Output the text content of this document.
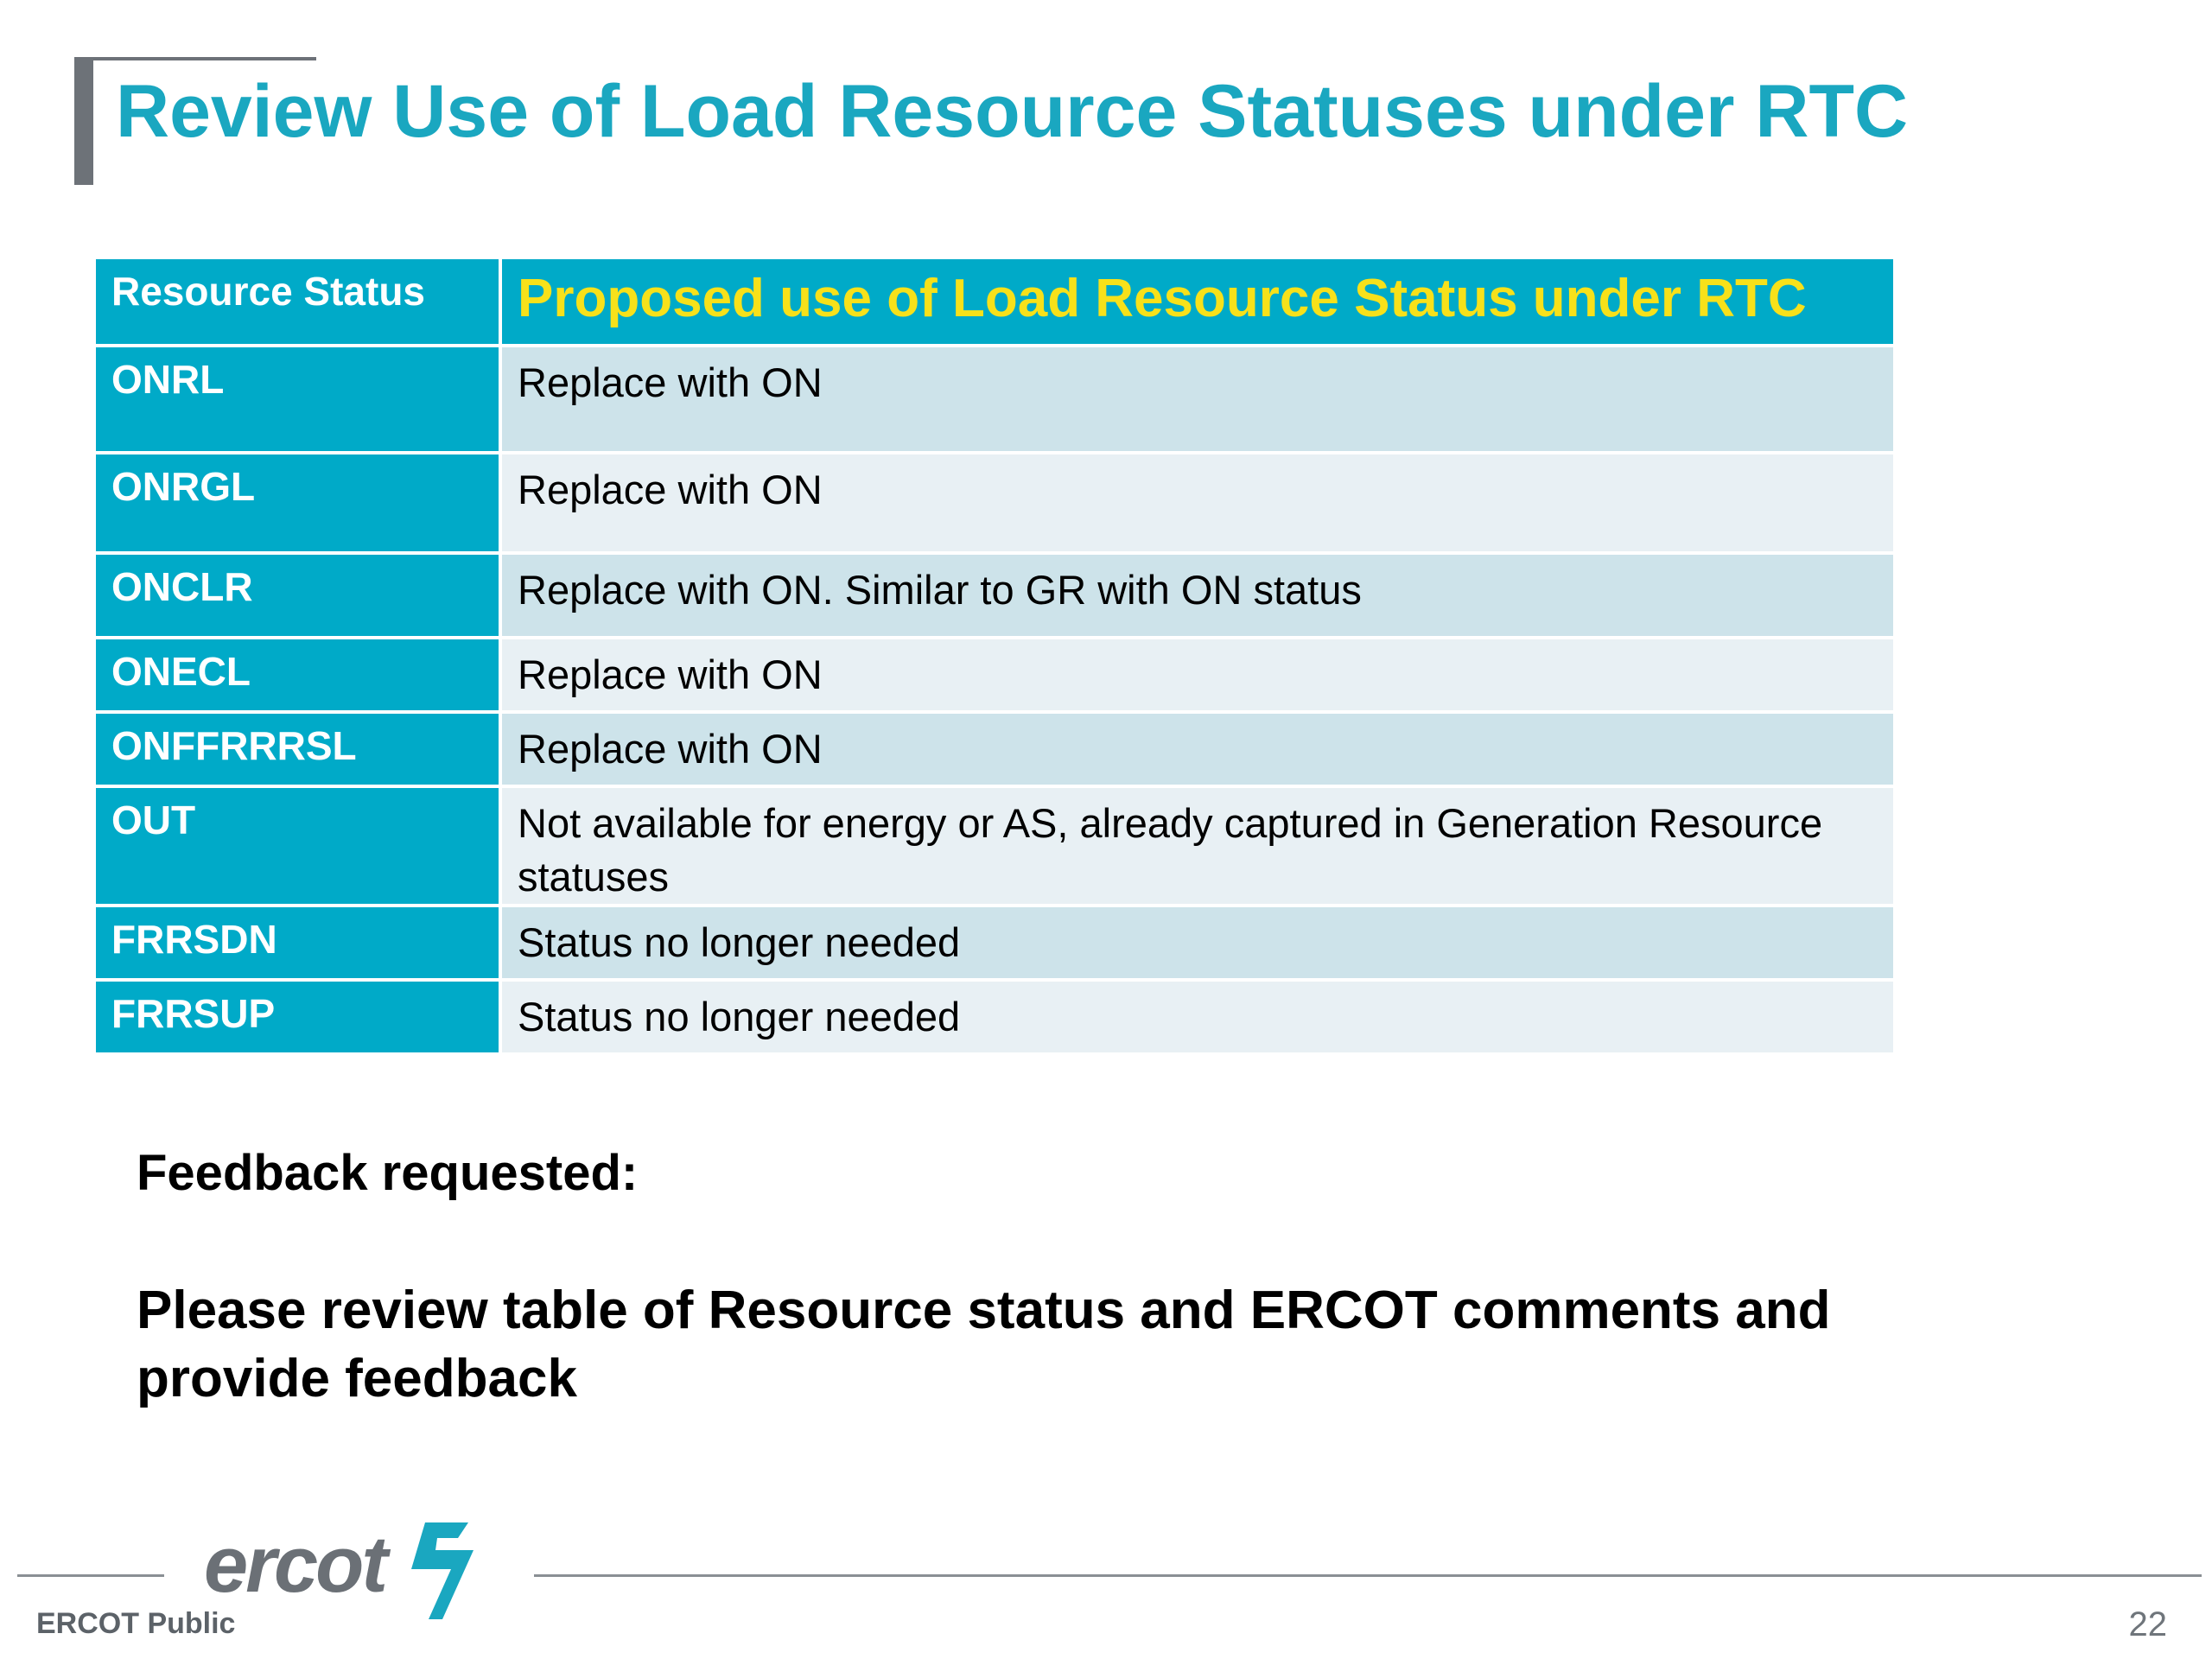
Review Use of Load Resource Statuses under RTC
Resource Status	Proposed use of Load Resource Status under RTC
ONRL	Replace with ON
ONRGL	Replace with ON
ONCLR	Replace with ON. Similar to GR with ON status
ONECL	Replace with ON
ONFFRRRSL	Replace with ON
OUT	Not available for energy or AS, already captured in Generation Resource statuses
FRRSDN	Status no longer needed
FRRSUP	Status no longer needed

Feedback requested:

Please review table of Resource status and ERCOT comments and provide feedback

ercot
ERCOT Public	22
